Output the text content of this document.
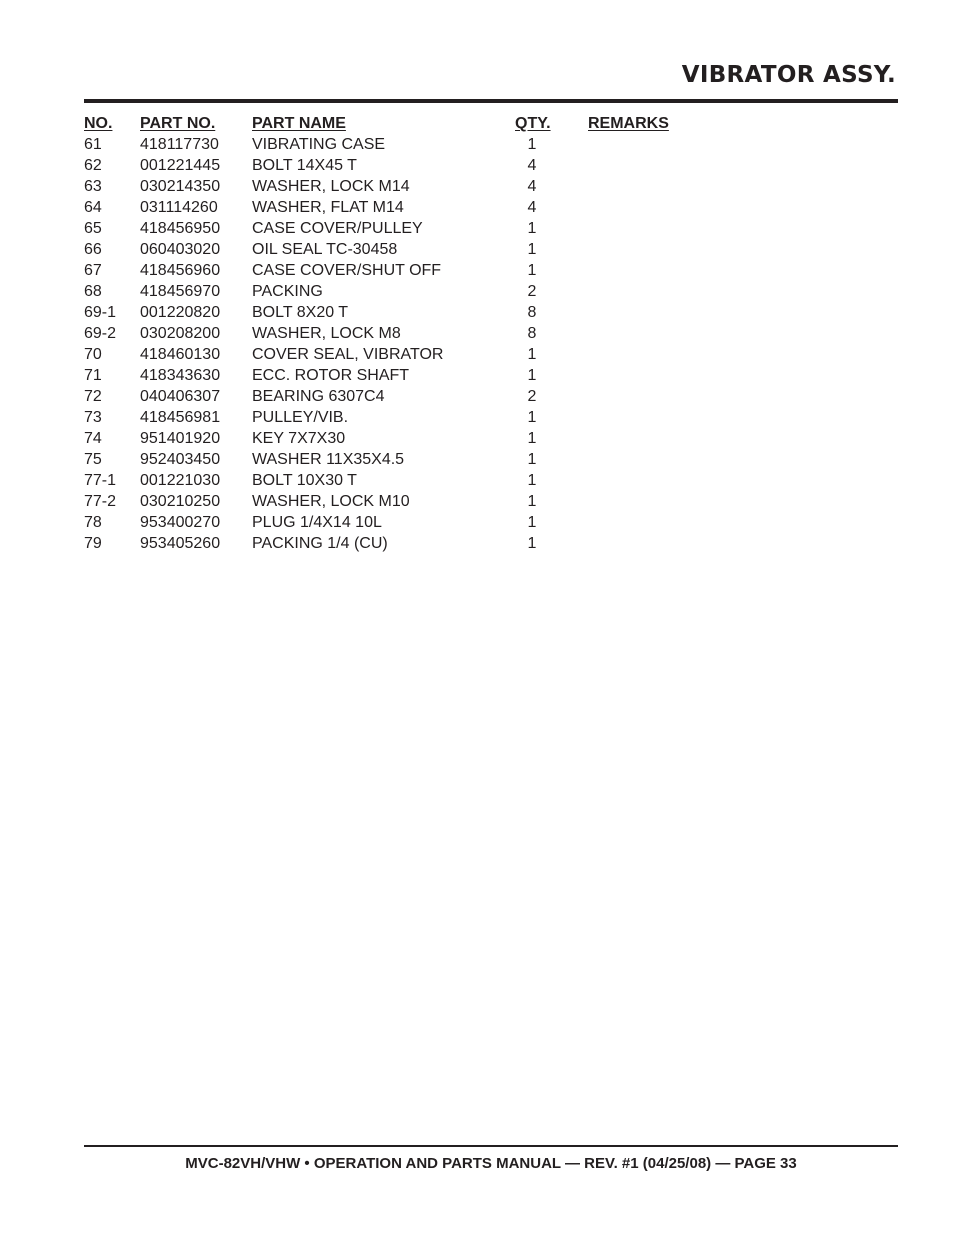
VIBRATOR ASSY.
NO. PART NO. PART NAME	QTY. REMARKS
61 418117730 VIBRATING CASE	1
62 001221445 BOLT 14X45 T	4
63 030214350 WASHER, LOCK M14	4
64 031114260 WASHER, FLAT M14	4
65 418456950 CASE COVER/PULLEY	1
66 060403020 OIL SEAL TC-30458	1
67 418456960 CASE COVER/SHUT OFF	1
68 418456970 PACKING	2
69-1 001220820 BOLT 8X20 T	8
69-2 030208200 WASHER, LOCK M8	8
70 418460130 COVER SEAL, VIBRATOR	1
71 418343630 ECC. ROTOR SHAFT	1
72 040406307 BEARING 6307C4	2
73 418456981 PULLEY/VIB.	1
74 951401920 KEY 7X7X30	1
75 952403450 WASHER 11X35X4.5	1
77-1 001221030 BOLT 10X30 T	1
77-2 030210250 WASHER, LOCK M10	1
78 953400270 PLUG 1/4X14 10L	1
79 953405260 PACKING 1/4 (CU)	1
MVC-82VH/VHW • OPERATION AND PARTS MANUAL — REV. #1 (04/25/08) — PAGE 33
